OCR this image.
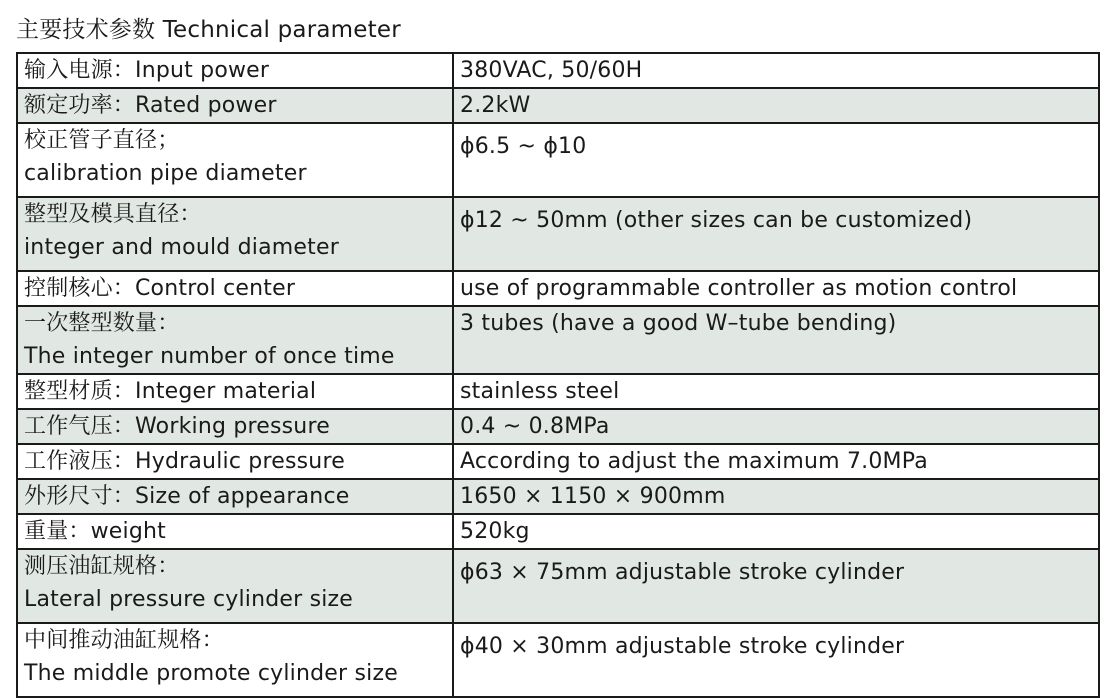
主要技术参数 Technical parameter
输入电源：Input power	380VAC, 50/60H

额定功率：Rated power	2.2kW

校正管子直径；
calibration pipe diameter	ϕ6.5 ~ ϕ10

整型及模具直径：
integer and mould diameter	ϕ12 ~ 50mm (other sizes can be customized)

控制核心：Control center	use of programmable controller as motion control

一次整型数量：
The integer number of once time	3 tubes (have a good W–tube bending)

整型材质：Integer material	stainless steel

工作气压：Working pressure	0.4 ~ 0.8MPa

工作液压：Hydraulic pressure	According to adjust the maximum 7.0MPa

外形尺寸：Size of appearance	1650 × 1150 × 900mm

重量：weight	520kg

测压油缸规格：
Lateral pressure cylinder size	ϕ63 × 75mm adjustable stroke cylinder

中间推动油缸规格：
The middle promote cylinder size	ϕ40 × 30mm adjustable stroke cylinder
